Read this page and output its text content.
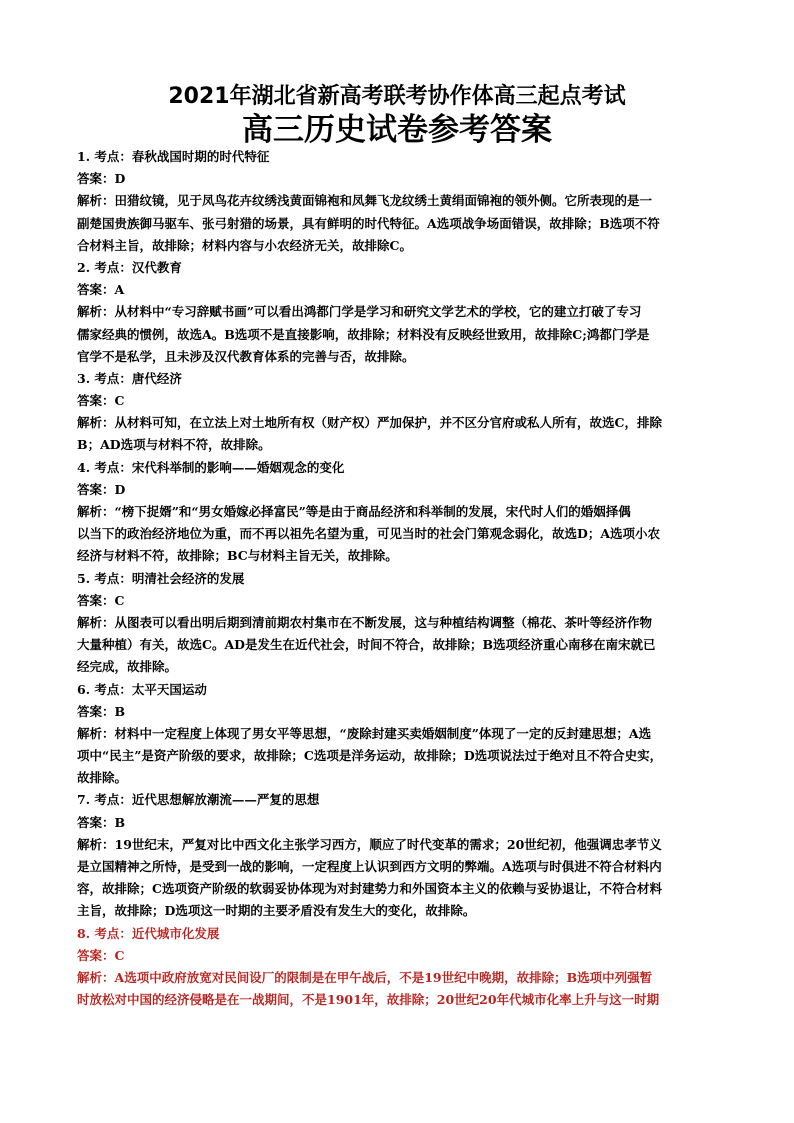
2021年湖北省新高考联考协作体高三起点考试
高三历史试卷参考答案
1. 考点：春秋战国时期的时代特征
答案：D
解析：田猎纹镜，见于凤鸟花卉纹绣浅黄面锦袍和凤舞飞龙纹绣土黄绢面锦袍的领外侧。它所表现的是一
副楚国贵族御马驱车、张弓射猎的场景，具有鲜明的时代特征。A选项战争场面错误，故排除；B选项不符
合材料主旨，故排除；材料内容与小农经济无关，故排除C。
2. 考点：汉代教育
答案：A
解析：从材料中“专习辞赋书画”可以看出鸿都门学是学习和研究文学艺术的学校，它的建立打破了专习
儒家经典的惯例，故选A。B选项不是直接影响，故排除；材料没有反映经世致用，故排除C;鸿都门学是
官学不是私学，且未涉及汉代教育体系的完善与否，故排除。
3. 考点：唐代经济
答案：C
解析：从材料可知，在立法上对土地所有权（财产权）严加保护，并不区分官府或私人所有，故选C，排除
B；AD选项与材料不符，故排除。
4. 考点：宋代科举制的影响——婚姻观念的变化
答案：D
解析：“榜下捉婿”和“男女婚嫁必择富民”等是由于商品经济和科举制的发展，宋代时人们的婚姻择偶
以当下的政治经济地位为重，而不再以祖先名望为重，可见当时的社会门第观念弱化，故选D；A选项小农
经济与材料不符，故排除；BC与材料主旨无关，故排除。
5. 考点：明清社会经济的发展
答案：C
解析：从图表可以看出明后期到清前期农村集市在不断发展，这与种植结构调整（棉花、茶叶等经济作物
大量种植）有关，故选C。AD是发生在近代社会，时间不符合，故排除；B选项经济重心南移在南宋就已
经完成，故排除。
6. 考点：太平天国运动
答案：B
解析：材料中一定程度上体现了男女平等思想，“废除封建买卖婚姻制度”体现了一定的反封建思想；A选
项中“民主”是资产阶级的要求，故排除；C选项是洋务运动，故排除；D选项说法过于绝对且不符合史实，
故排除。
7. 考点：近代思想解放潮流——严复的思想
答案：B
解析：19世纪末，严复对比中西文化主张学习西方，顺应了时代变革的需求；20世纪初，他强调忠孝节义
是立国精神之所恃，是受到一战的影响，一定程度上认识到西方文明的弊端。A选项与时俱进不符合材料内
容，故排除；C选项资产阶级的软弱妥协体现为对封建势力和外国资本主义的依赖与妥协退让，不符合材料
主旨，故排除；D选项这一时期的主要矛盾没有发生大的变化，故排除。
8. 考点：近代城市化发展
答案：C
解析：A选项中政府放宽对民间设厂的限制是在甲午战后，不是19世纪中晚期，故排除；B选项中列强暂
时放松对中国的经济侵略是在一战期间，不是1901年，故排除；20世纪20年代城市化率上升与这一时期
